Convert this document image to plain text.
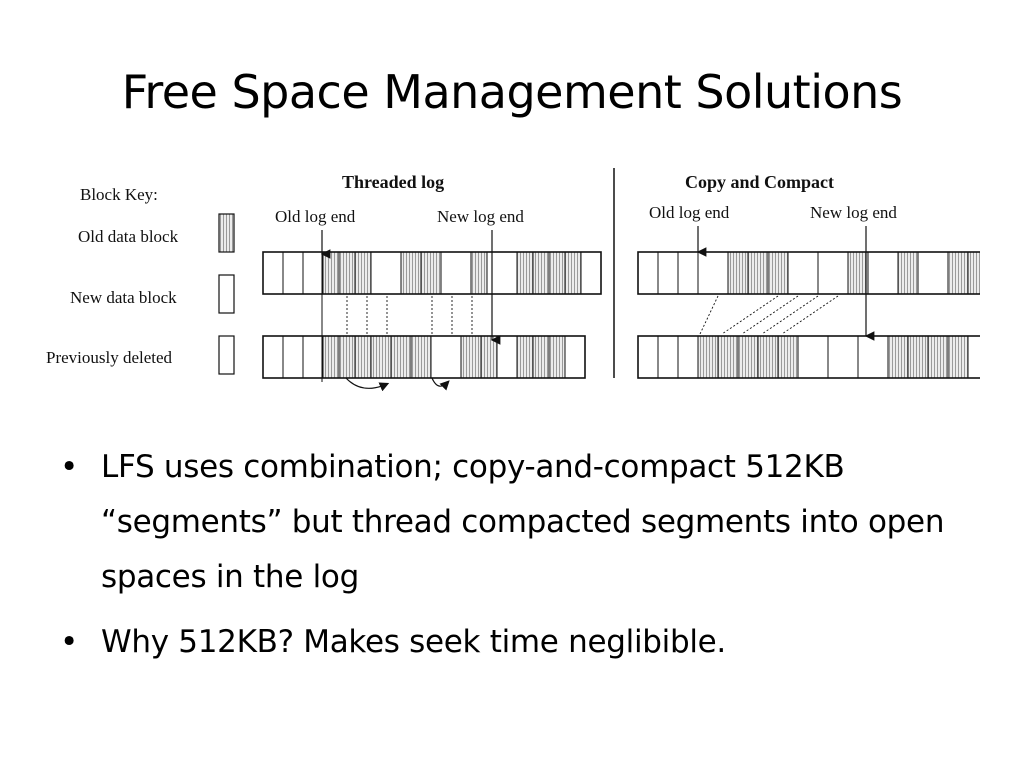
Free Space Management Solutions
Block Key:
Old data block
New data block
Previously deleted
Threaded log
Old log end	New log end
Copy and Compact
Old log end	New log end
• LFS uses combination; copy-and-compact 512KB “segments” but thread compacted segments into open spaces in the log
• Why 512KB? Makes seek time neglibible.
